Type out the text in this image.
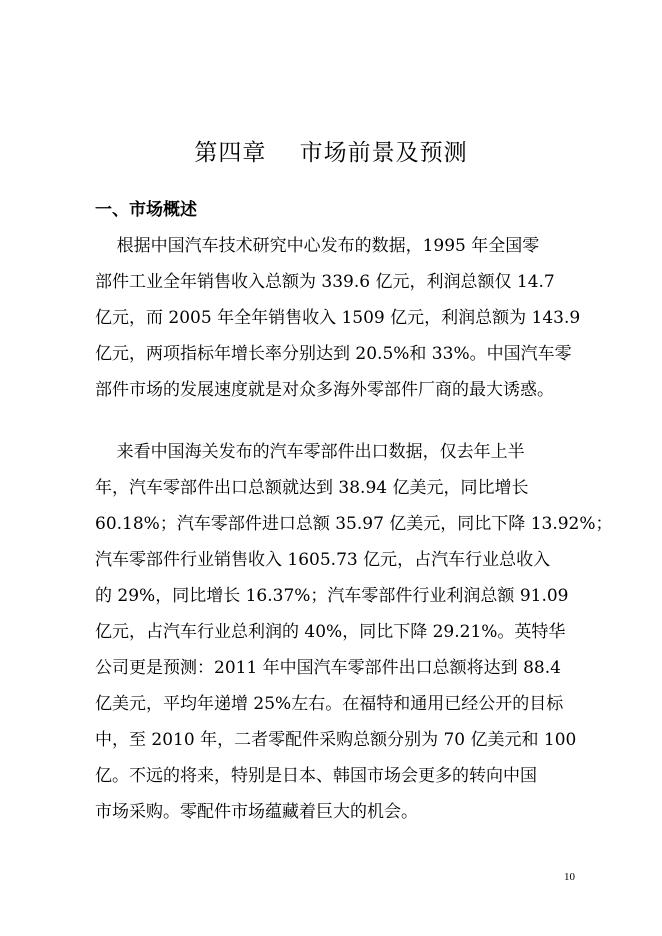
第四章    市场前景及预测
一、市场概述
根据中国汽车技术研究中心发布的数据，1995 年全国零
部件工业全年销售收入总额为 339.6 亿元，利润总额仅 14.7
亿元，而 2005 年全年销售收入 1509 亿元，利润总额为 143.9
亿元，两项指标年增长率分别达到 20.5%和 33%。中国汽车零
部件市场的发展速度就是对众多海外零部件厂商的最大诱惑。
来看中国海关发布的汽车零部件出口数据，仅去年上半
年，汽车零部件出口总额就达到 38.94 亿美元，同比增长
60.18%；汽车零部件进口总额 35.97 亿美元，同比下降 13.92%；
汽车零部件行业销售收入 1605.73 亿元，占汽车行业总收入
的 29%，同比增长 16.37%；汽车零部件行业利润总额 91.09
亿元，占汽车行业总利润的 40%，同比下降 29.21%。英特华
公司更是预测：2011 年中国汽车零部件出口总额将达到 88.4
亿美元，平均年递增 25%左右。在福特和通用已经公开的目标
中，至 2010 年，二者零配件采购总额分别为 70 亿美元和 100
亿。不远的将来，特别是日本、韩国市场会更多的转向中国
市场采购。零配件市场蕴藏着巨大的机会。
10
